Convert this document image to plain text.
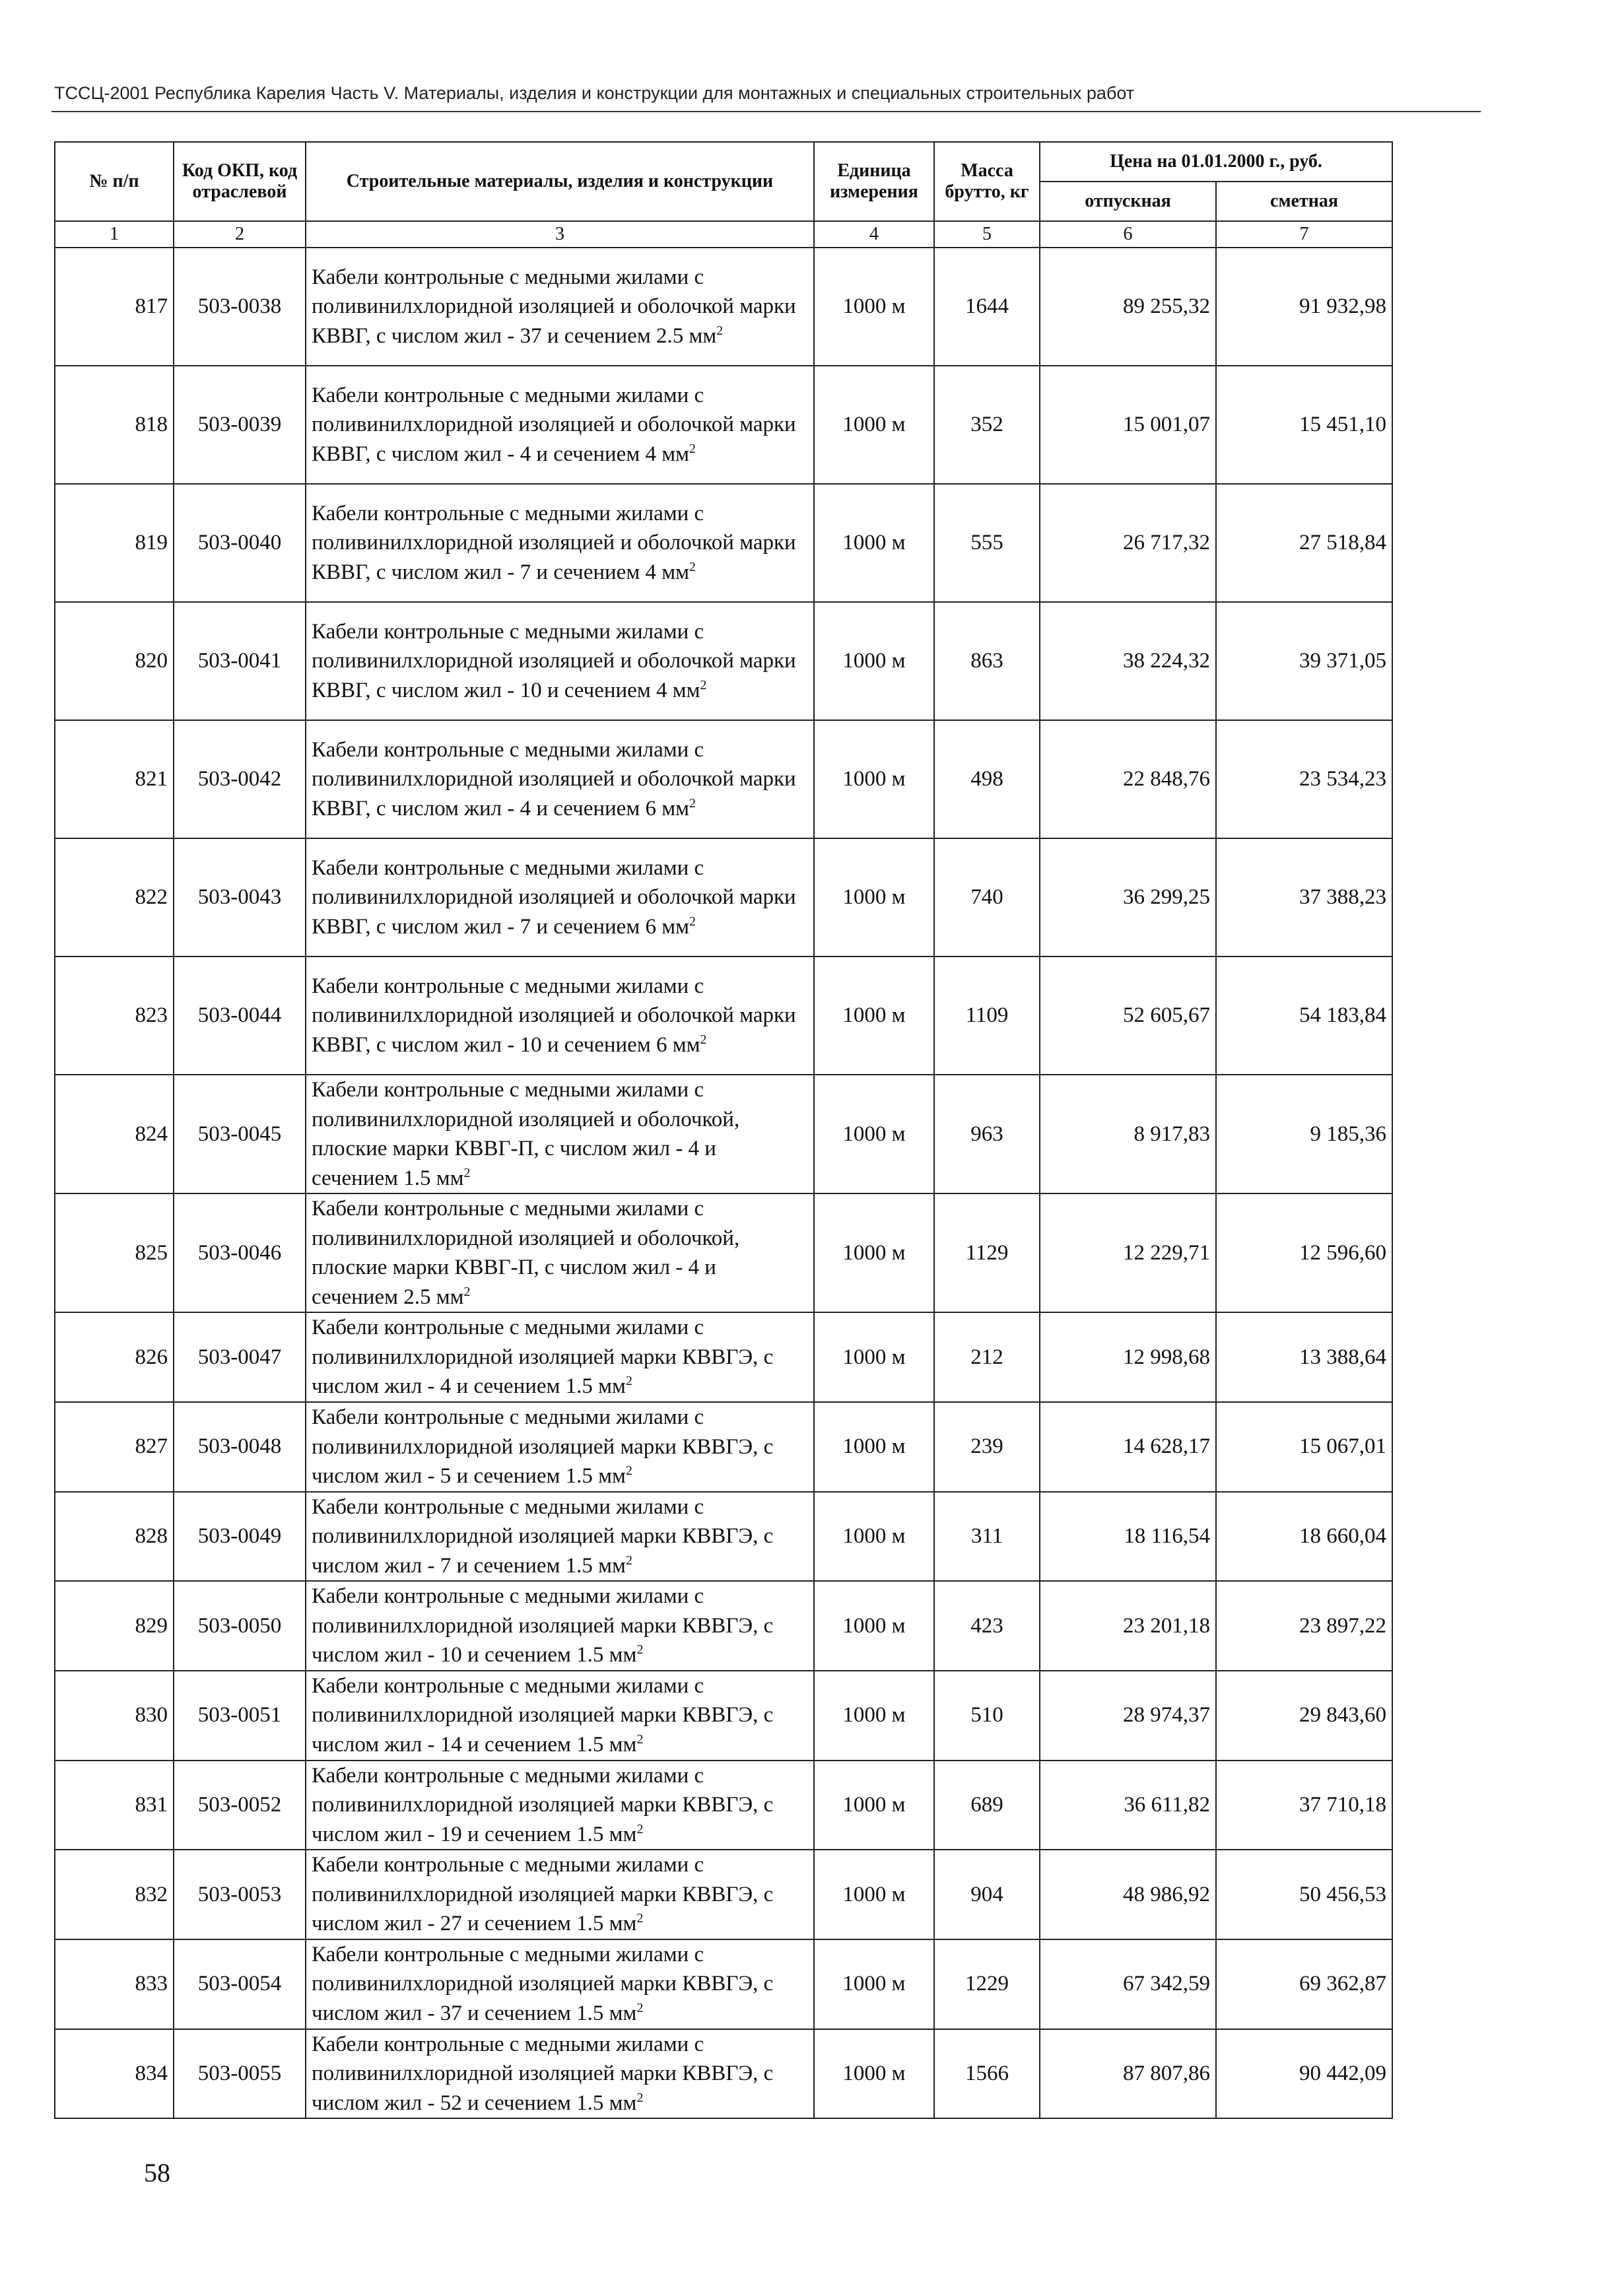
ТССЦ-2001 Республика Карелия Часть V. Материалы, изделия и конструкции для монтажных и специальных строительных работ
№ п/п	Код ОКП, код отраслевой	Строительные материалы, изделия и конструкции	Единица измерения	Масса брутто, кг	Цена на 01.01.2000 г., руб.	
					отпускная	сметная
1	2	3	4	5	6	7
817	503-0038	Кабели контрольные с медными жилами с поливинилхлоридной изоляцией и оболочкой марки КВВГ, с числом жил - 37 и сечением 2.5 $мм^2$	1000 м	1644	89 255,32	91 932,98
818	503-0039	Кабели контрольные с медными жилами с поливинилхлоридной изоляцией и оболочкой марки КВВГ, с числом жил - 4 и сечением 4 $мм^2$	1000 м	352	15 001,07	15 451,10
819	503-0040	Кабели контрольные с медными жилами с поливинилхлоридной изоляцией и оболочкой марки КВВГ, с числом жил - 7 и сечением 4 $мм^2$	1000 м	555	26 717,32	27 518,84
820	503-0041	Кабели контрольные с медными жилами с поливинилхлоридной изоляцией и оболочкой марки КВВГ, с числом жил - 10 и сечением 4 $мм^2$	1000 м	863	38 224,32	39 371,05
821	503-0042	Кабели контрольные с медными жилами с поливинилхлоридной изоляцией и оболочкой марки КВВГ, с числом жил - 4 и сечением 6 $мм^2$	1000 м	498	22 848,76	23 534,23
822	503-0043	Кабели контрольные с медными жилами с поливинилхлоридной изоляцией и оболочкой марки КВВГ, с числом жил - 7 и сечением 6 $мм^2$	1000 м	740	36 299,25	37 388,23
823	503-0044	Кабели контрольные с медными жилами с поливинилхлоридной изоляцией и оболочкой марки КВВГ, с числом жил - 10 и сечением 6 $мм^2$	1000 м	1109	52 605,67	54 183,84
824	503-0045	Кабели контрольные с медными жилами с поливинилхлоридной изоляцией и оболочкой, плоские марки КВВГ-П, с числом жил - 4 и сечением 1.5 $мм^2$	1000 м	963	8 917,83	9 185,36
825	503-0046	Кабели контрольные с медными жилами с поливинилхлоридной изоляцией и оболочкой, плоские марки КВВГ-П, с числом жил - 4 и сечением 2.5 $мм^2$	1000 м	1129	12 229,71	12 596,60
826	503-0047	Кабели контрольные с медными жилами с поливинилхлоридной изоляцией марки КВВГЭ, с числом жил - 4 и сечением 1.5 $мм^2$	1000 м	212	12 998,68	13 388,64
827	503-0048	Кабели контрольные с медными жилами с поливинилхлоридной изоляцией марки КВВГЭ, с числом жил - 5 и сечением 1.5 $мм^2$	1000 м	239	14 628,17	15 067,01
828	503-0049	Кабели контрольные с медными жилами с поливинилхлоридной изоляцией марки КВВГЭ, с числом жил - 7 и сечением 1.5 $мм^2$	1000 м	311	18 116,54	18 660,04
829	503-0050	Кабели контрольные с медными жилами с поливинилхлоридной изоляцией марки КВВГЭ, с числом жил - 10 и сечением 1.5 $мм^2$	1000 м	423	23 201,18	23 897,22
830	503-0051	Кабели контрольные с медными жилами с поливинилхлоридной изоляцией марки КВВГЭ, с числом жил - 14 и сечением 1.5 $мм^2$	1000 м	510	28 974,37	29 843,60
831	503-0052	Кабели контрольные с медными жилами с поливинилхлоридной изоляцией марки КВВГЭ, с числом жил - 19 и сечением 1.5 $мм^2$	1000 м	689	36 611,82	37 710,18
832	503-0053	Кабели контрольные с медными жилами с поливинилхлоридной изоляцией марки КВВГЭ, с числом жил - 27 и сечением 1.5 $мм^2$	1000 м	904	48 986,92	50 456,53
833	503-0054	Кабели контрольные с медными жилами с поливинилхлоридной изоляцией марки КВВГЭ, с числом жил - 37 и сечением 1.5 $мм^2$	1000 м	1229	67 342,59	69 362,87
834	503-0055	Кабели контрольные с медными жилами с поливинилхлоридной изоляцией марки КВВГЭ, с числом жил - 52 и сечением 1.5 $мм^2$	1000 м	1566	87 807,86	90 442,09
58
